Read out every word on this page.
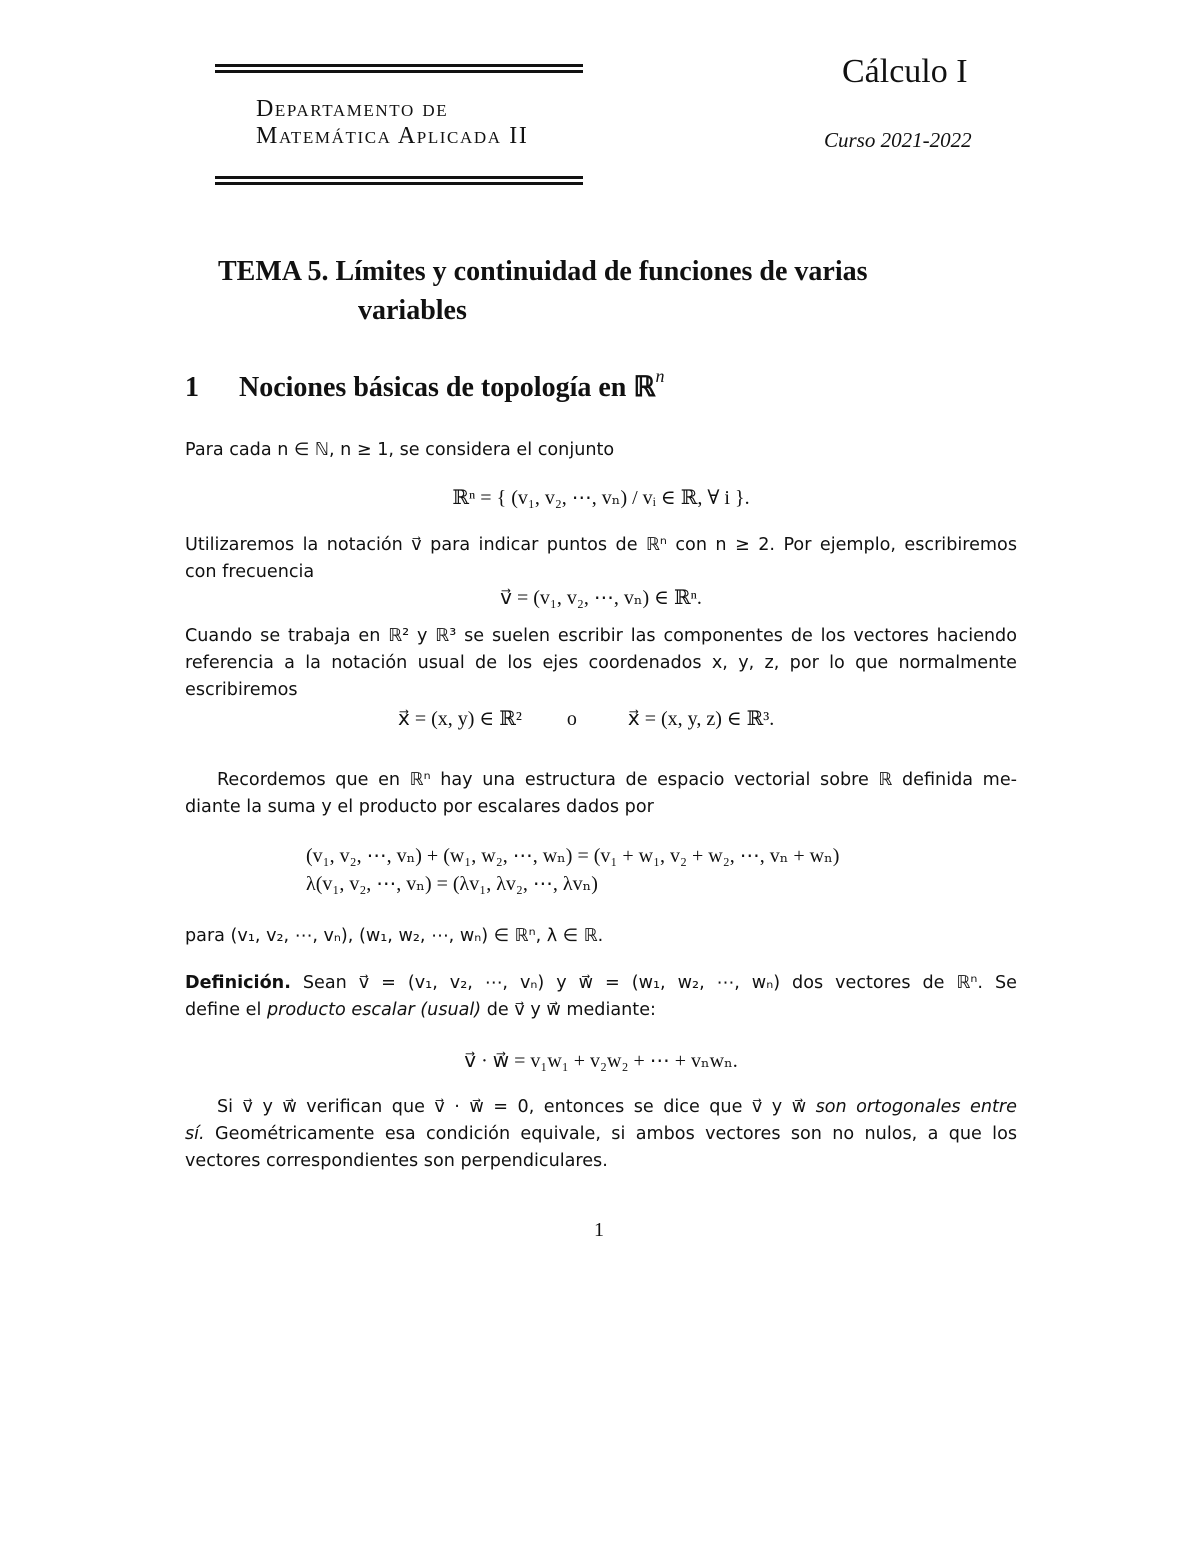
Departamento de
Matemática Aplicada II
Cálculo I
Curso 2021-2022
TEMA 5. Límites y continuidad de funciones de varias
variables
1 Nociones básicas de topología en ℝ$^n$
Para cada n ∈ ℕ, n ≥ 1, se considera el conjunto
ℝⁿ = { (v₁, v₂, ⋯, vₙ) / vᵢ ∈ ℝ, ∀ i }.
Utilizaremos la notación v⃗ para indicar puntos de ℝⁿ con n ≥ 2. Por ejemplo, escribiremos
con frecuencia
v⃗ = (v₁, v₂, ⋯, vₙ) ∈ ℝⁿ.
Cuando se trabaja en ℝ² y ℝ³ se suelen escribir las componentes de los vectores haciendo
referencia a la notación usual de los ejes coordenados x, y, z, por lo que normalmente
escribiremos
x⃗ = (x, y) ∈ ℝ² o	x⃗ = (x, y, z) ∈ ℝ³.
Recordemos que en ℝⁿ hay una estructura de espacio vectorial sobre ℝ definida me-
diante la suma y el producto por escalares dados por
(v₁, v₂, ⋯, vₙ) + (w₁, w₂, ⋯, wₙ) = (v₁ + w₁, v₂ + w₂, ⋯, vₙ + wₙ)
λ(v₁, v₂, ⋯, vₙ) = (λv₁, λv₂, ⋯, λvₙ)
para (v₁, v₂, ⋯, vₙ), (w₁, w₂, ⋯, wₙ) ∈ ℝⁿ, λ ∈ ℝ.
Definición. Sean v⃗ = (v₁, v₂, ⋯, vₙ) y w⃗ = (w₁, w₂, ⋯, wₙ) dos vectores de ℝⁿ. Se
define el producto escalar (usual) de v⃗ y w⃗ mediante:
v⃗ · w⃗ = v₁w₁ + v₂w₂ + ⋯ + vₙwₙ.
Si v⃗ y w⃗ verifican que v⃗ · w⃗ = 0, entonces se dice que v⃗ y w⃗ son ortogonales entre
sí. Geométricamente esa condición equivale, si ambos vectores son no nulos, a que los
vectores correspondientes son perpendiculares.
1
